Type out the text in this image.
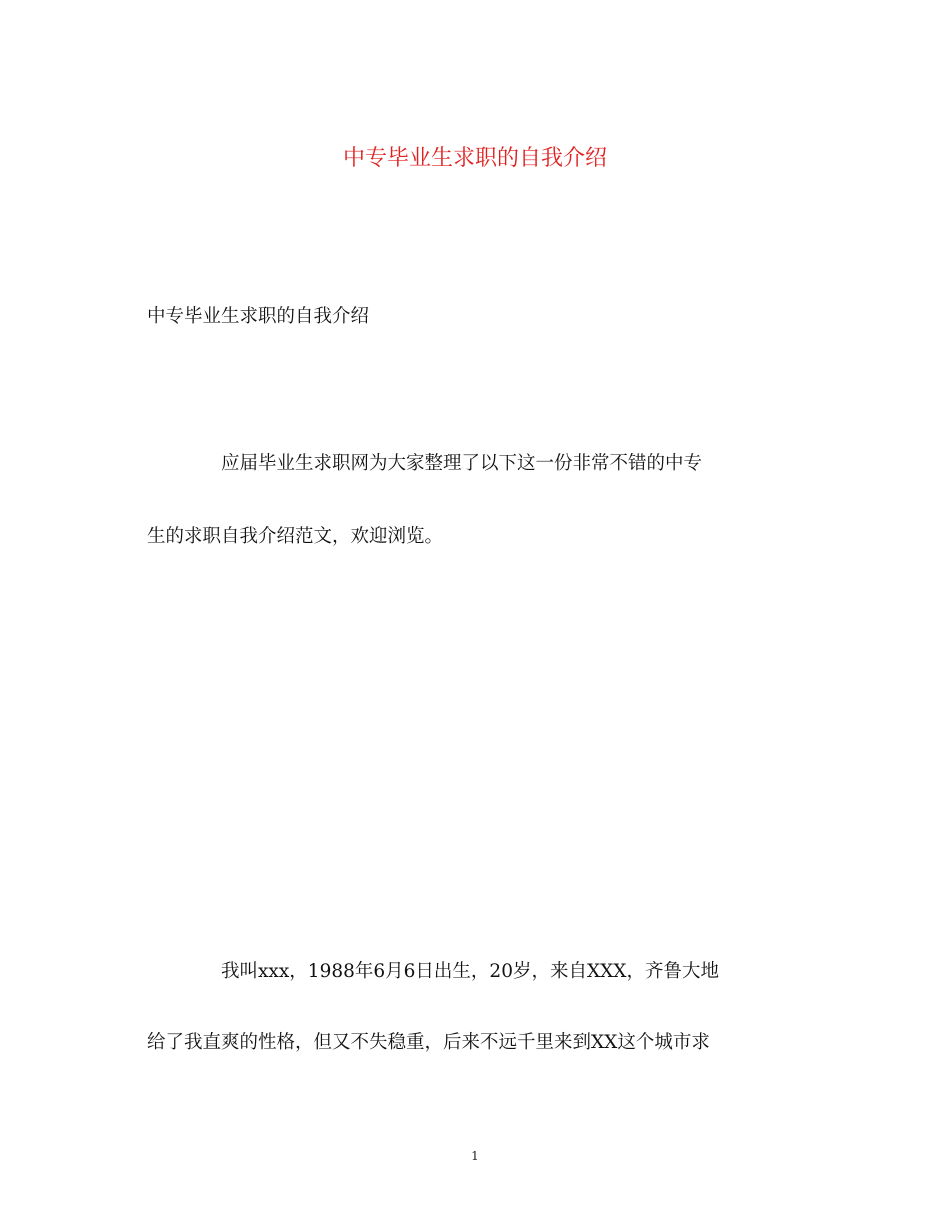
中专毕业生求职的自我介绍

中专毕业生求职的自我介绍

应届毕业生求职网为大家整理了以下这一份非常不错的中专

生的求职自我介绍范文，欢迎浏览。

我叫xxx，1988年6月6日出生，20岁，来自XXX，齐鲁大地

给了我直爽的性格，但又不失稳重，后来不远千里来到XX这个城市求

1
